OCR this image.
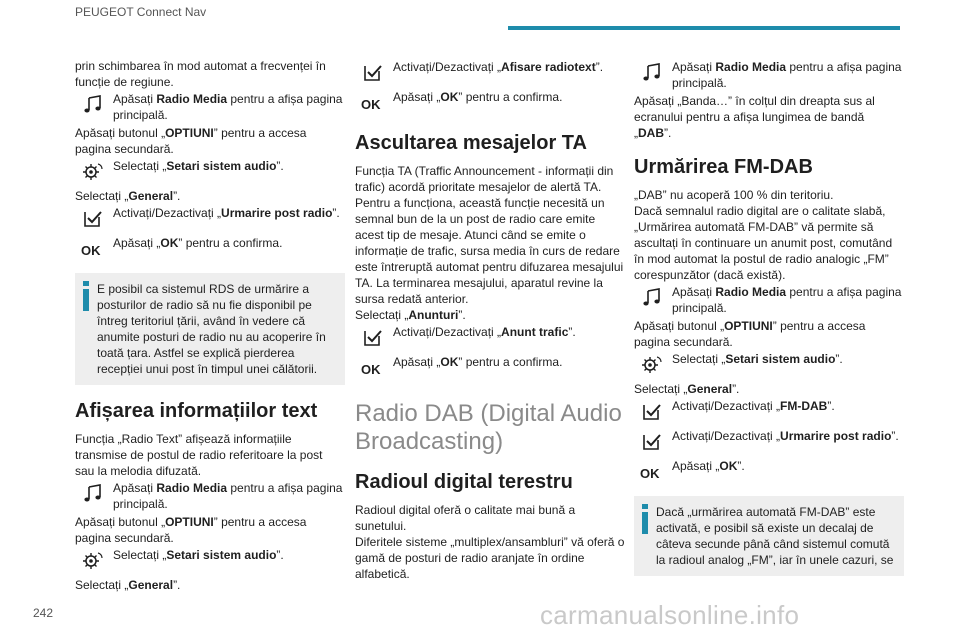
PEUGEOT Connect Nav

prin schimbarea în mod automat a frecvenței în funcție de regiune.

Apăsați Radio Media pentru a afișa pagina principală.

Apăsați butonul „OPTIUNI” pentru a accesa pagina secundară.

Selectați „Setari sistem audio”.

Selectați „General”.

Activați/Dezactivați „Urmarire post radio”.
OK	Apăsați „OK” pentru a confirma.
E posibil ca sistemul RDS de urmărire a posturilor de radio să nu fie disponibil pe întreg teritoriul țării, având în vedere că anumite posturi de radio nu au acoperire în toată țara. Astfel se explică pierderea recepției unui post în timpul unei călătorii.
Afișarea informațiilor text

Funcția „Radio Text” afișează informațiile transmise de postul de radio referitoare la post sau la melodia difuzată.

Apăsați Radio Media pentru a afișa pagina principală.

Apăsați butonul „OPTIUNI” pentru a accesa pagina secundară.

Selectați „Setari sistem audio”.

Selectați „General”.

Activați/Dezactivați „Afisare radiotext”.
OK	Apăsați „OK” pentru a confirma.
Ascultarea mesajelor TA

Funcția TA (Traffic Announcement - informații din trafic) acordă prioritate mesajelor de alertă TA. Pentru a funcționa, această funcție necesită un semnal bun de la un post de radio care emite acest tip de mesaje. Atunci când se emite o informație de trafic, sursa media în curs de redare este întreruptă automat pentru difuzarea mesajului TA. La terminarea mesajului, aparatul revine la sursa redată anterior.

Selectați „Anunturi”.

Activați/Dezactivați „Anunt trafic”.
OK	Apăsați „OK” pentru a confirma.
Radio DAB (Digital Audio Broadcasting)
Radioul digital terestru

Radioul digital oferă o calitate mai bună a sunetului.

Diferitele sisteme „multiplex/ansambluri” vă oferă o gamă de posturi de radio aranjate în ordine alfabetică.

Apăsați Radio Media pentru a afișa pagina principală.

Apăsați „Banda…” în colțul din dreapta sus al ecranului pentru a afișa lungimea de bandă „DAB”.

Urmărirea FM-DAB

„DAB” nu acoperă 100 % din teritoriu.

Dacă semnalul radio digital are o calitate slabă, „Urmărirea automată FM-DAB” vă permite să ascultați în continuare un anumit post, comutând în mod automat la postul de radio analogic „FM” corespunzător (dacă există).

Apăsați Radio Media pentru a afișa pagina principală.

Apăsați butonul „OPTIUNI” pentru a accesa pagina secundară.

Selectați „Setari sistem audio”.

Selectați „General”.

Activați/Dezactivați „FM-DAB”.
Activați/Dezactivați „Urmarire post radio”.
OK	Apăsați „OK”.
Dacă „urmărirea automată FM-DAB” este activată, e posibil să existe un decalaj de câteva secunde până când sistemul comută la radioul analog „FM”, iar în unele cazuri, se
242	carmanualsonline.info
